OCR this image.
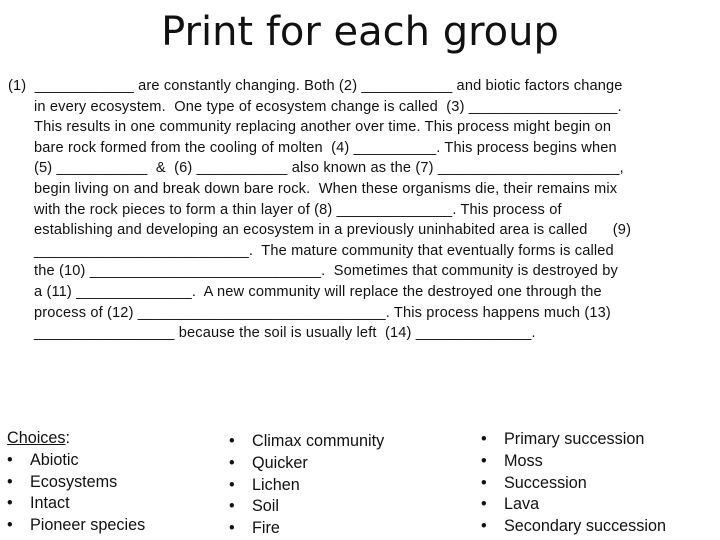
Print for each group
(1)  ____________ are constantly changing. Both (2) ___________ and biotic factors change
in every ecosystem.  One type of ecosystem change is called  (3) __________________.
This results in one community replacing another over time. This process might begin on
bare rock formed from the cooling of molten  (4) __________. This process begins when
(5) ___________  &  (6) ___________ also known as the (7) ______________________,
begin living on and break down bare rock.  When these organisms die, their remains mix
with the rock pieces to form a thin layer of (8) ______________. This process of
establishing and developing an ecosystem in a previously uninhabited area is called      (9)
__________________________.  The mature community that eventually forms is called
the (10) ____________________________.  Sometimes that community is destroyed by
a (11) ______________.  A new community will replace the destroyed one through the
process of (12) ______________________________. This process happens much (13)
_________________ because the soil is usually left  (14) ______________.
Choices:
• Abiotic
• Ecosystems
• Intact
• Pioneer species
• Climax community
• Quicker
• Lichen
• Soil
• Fire
• Primary succession
• Moss
• Succession
• Lava
• Secondary succession
